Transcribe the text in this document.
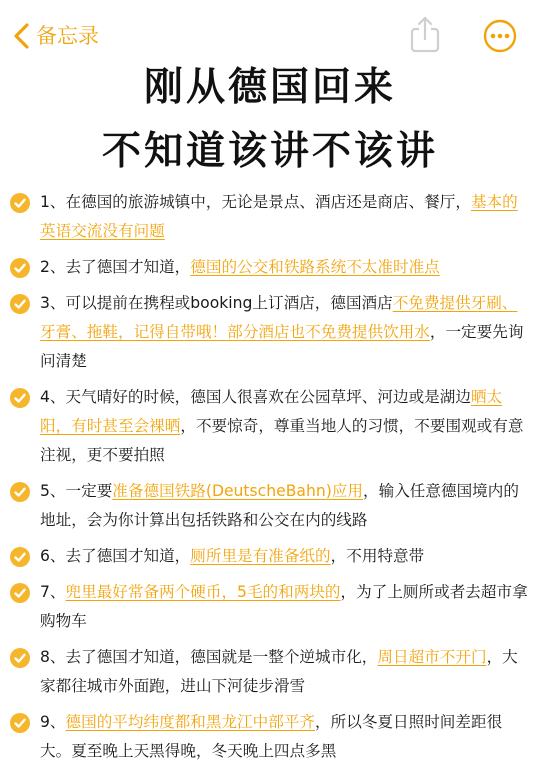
备忘录
刚从德国回来
不知道该讲不该讲
1、在德国的旅游城镇中，无论是景点、酒店还是商店、餐厅，基本的英语交流没有问题
2、去了德国才知道，德国的公交和铁路系统不太准时准点
3、可以提前在携程或booking上订酒店，德国酒店不免费提供牙刷、牙膏、拖鞋，记得自带哦！部分酒店也不免费提供饮用水，一定要先询问清楚
4、天气晴好的时候，德国人很喜欢在公园草坪、河边或是湖边晒太阳，有时甚至会裸晒，不要惊奇，尊重当地人的习惯，不要围观或有意注视，更不要拍照
5、一定要准备德国铁路(DeutscheBahn)应用，输入任意德国境内的地址，会为你计算出包括铁路和公交在内的线路
6、去了德国才知道，厕所里是有准备纸的，不用特意带
7、兜里最好常备两个硬币，5毛的和两块的，为了上厕所或者去超市拿购物车
8、去了德国才知道，德国就是一整个逆城市化，周日超市不开门，大家都往城市外面跑，进山下河徒步滑雪
9、德国的平均纬度都和黑龙江中部平齐，所以冬夏日照时间差距很大。夏至晚上天黑得晚，冬天晚上四点多黑
